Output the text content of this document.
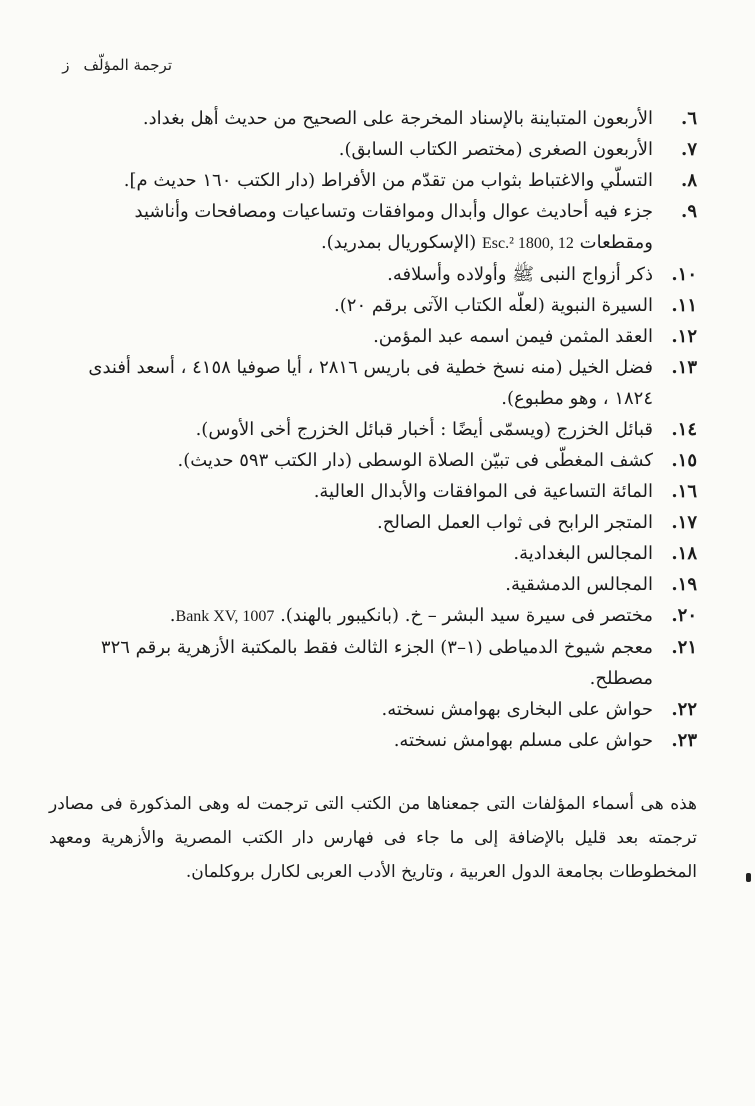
ترجمة المؤلّفز
٦.
الأربعون المتباينة بالإسناد المخرجة على الصحيح من حديث أهل بغداد.
٧.
الأربعون الصغرى (مختصر الكتاب السابق).
٨.
التسلّي والاغتباط بثواب من تقدّم من الأفراط (دار الكتب ١٦٠ حديث م].
٩.
جزء فيه أحاديث عوال وأبدال وموافقات وتساعيات ومصافحات وأناشيد ومقطعات Esc.² 1800, 12 (الإسكوريال بمدريد).
١٠.
ذكر أزواج النبى ﷺ وأولاده وأسلافه.
١١.
السيرة النبوية (لعلّه الكتاب الآتى برقم ٢٠).
١٢.
العقد المثمن فيمن اسمه عبد المؤمن.
١٣.
فضل الخيل (منه نسخ خطية فى باريس ٢٨١٦ ، أيا صوفيا ٤١٥٨ ، أسعد أفندى ١٨٢٤ ، وهو مطبوع).
١٤.
قبائل الخزرج (ويسمّى أيضًا : أخبار قبائل الخزرج أخى الأوس).
١٥.
كشف المغطّى فى تبيّن الصلاة الوسطى (دار الكتب ٥٩٣ حديث).
١٦.
المائة التساعية فى الموافقات والأبدال العالية.
١٧.
المتجر الرابح فى ثواب العمل الصالح.
١٨.
المجالس البغدادية.
١٩.
المجالس الدمشقية.
٢٠.
مختصر فى سيرة سيد البشر – خ. (بانكيبور بالهند). Bank XV, 1007.
٢١.
معجم شيوخ الدمياطى (١–٣) الجزء الثالث فقط بالمكتبة الأزهرية برقم ٣٢٦ مصطلح.
٢٢.
حواش على البخارى بهوامش نسخته.
٢٣.
حواش على مسلم بهوامش نسخته.

هذه هى أسماء المؤلفات التى جمعناها من الكتب التى ترجمت له وهى المذكورة فى مصادر ترجمته بعد قليل بالإضافة إلى ما جاء فى فهارس دار الكتب المصرية والأزهرية ومعهد المخطوطات بجامعة الدول العربية ، وتاريخ الأدب العربى لكارل بروكلمان.
